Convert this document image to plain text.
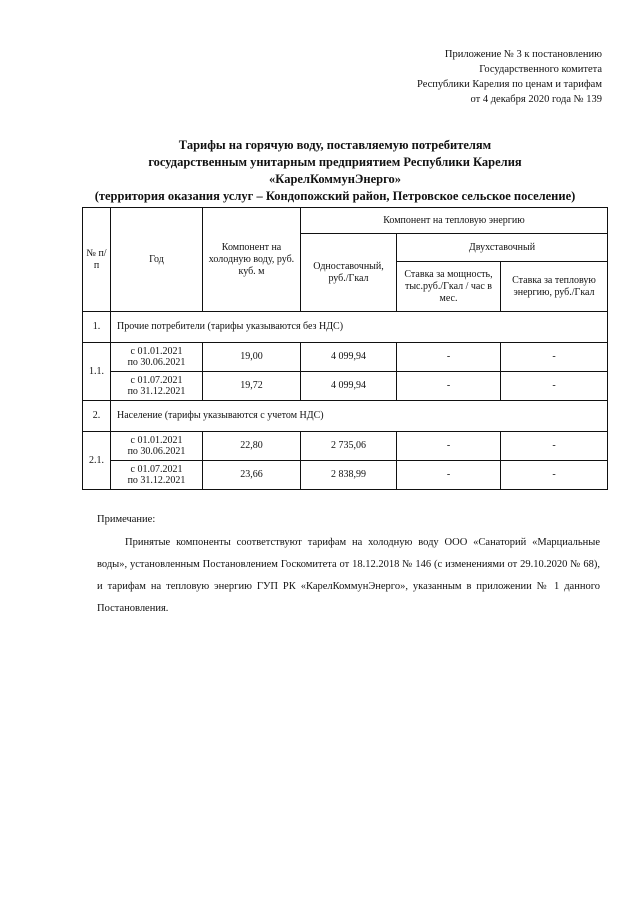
Приложение № 3 к постановлению
Государственного комитета
Республики Карелия по ценам и тарифам
от 4 декабря 2020 года № 139
Тарифы на горячую воду, поставляемую потребителям
государственным унитарным предприятием Республики Карелия
«КарелКоммунЭнерго»
(территория оказания услуг – Кондопожский район, Петровское сельское поселение)
№ п/п	Год	Компонент на холодную воду, руб. куб. м	Компонент на тепловую энергию		
			Одноставочный, руб./Гкал	Двухставочный	
				Ставка за мощность, тыс.руб./Гкал / час в мес.	Ставка за тепловую энергию, руб./Гкал
1.	Прочие потребители (тарифы указываются без НДС)				
1.1.	с 01.01.2021
по 30.06.2021	19,00	4 099,94	-	-

	с 01.07.2021
по 31.12.2021	19,72	4 099,94	-	-
2.	Население (тарифы указываются с учетом НДС)				
2.1.	с 01.01.2021
по 30.06.2021	22,80	2 735,06	-	-

	с 01.07.2021
по 31.12.2021	23,66	2 838,99	-	-
Примечание:
Принятые компоненты соответствуют тарифам на холодную воду ООО «Санаторий «Марциальные воды», установленным Постановлением Госкомитета от 18.12.2018 № 146 (с изменениями от 29.10.2020 № 68), и тарифам на тепловую энергию ГУП РК «КарелКоммунЭнерго», указанным в приложении № 1 данного Постановления.
